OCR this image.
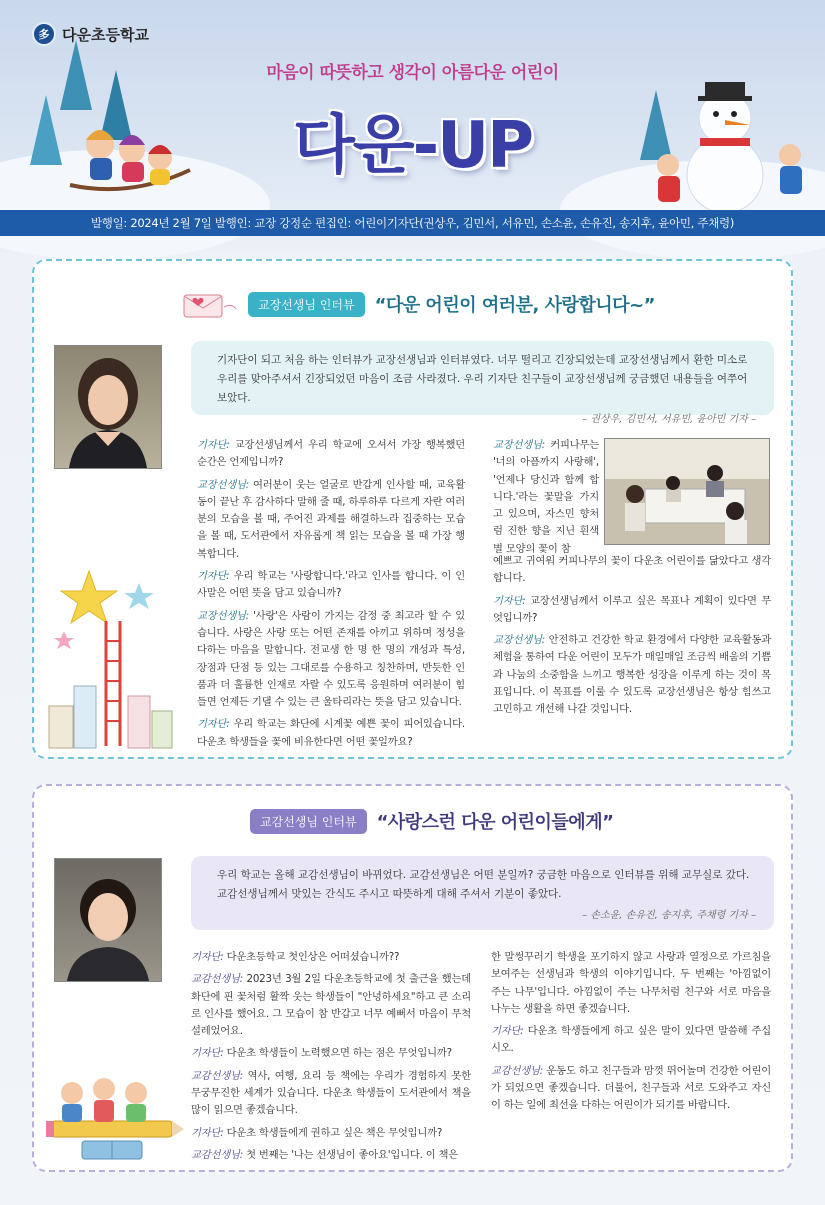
多 다운초등학교
마음이 따뜻하고 생각이 아름다운 어린이
다운-UP
발행일: 2024년 2월 7일 발행인: 교장 강정순 편집인: 어린이기자단(권상우, 김민서, 서유민, 손소윤, 손유진, 송지후, 윤아민, 주채령)
교장선생님 인터뷰	“다운 어린이 여러분, 사랑합니다~”
기자단이 되고 처음 하는 인터뷰가 교장선생님과 인터뷰였다. 너무 떨리고 긴장되었는데 교장선생님께서 환한 미소로 우리를 맞아주셔서 긴장되었던 마음이 조금 사라졌다. 우리 기자단 친구들이 교장선생님께 궁금했던 내용들을 여쭈어보았다.
– 권상우, 김민서, 서유민, 윤아민 기자 –

기자단: 교장선생님께서 우리 학교에 오셔서 가장 행복했던 순간은 언제입니까?

교장선생님: 여러분이 웃는 얼굴로 반갑게 인사할 때, 교육활동이 끝난 후 감사하다 말해 줄 때, 하루하루 다르게 자란 여러분의 모습을 볼 때, 주어진 과제를 해결하느라 집중하는 모습을 볼 때, 도서관에서 자유롭게 책 읽는 모습을 볼 때 가장 행복합니다.

기자단: 우리 학교는 '사랑합니다.'라고 인사를 합니다. 이 인사말은 어떤 뜻을 담고 있습니까?

교장선생님: '사랑'은 사람이 가지는 감정 중 최고라 할 수 있습니다. 사랑은 사랑 또는 어떤 존재를 아끼고 위하며 정성을 다하는 마음을 말합니다. 전교생 한 명 한 명의 개성과 특성, 장점과 단점 등 있는 그대로를 수용하고 칭찬하며, 반듯한 인품과 더 훌륭한 인재로 자랄 수 있도록 응원하며 여러분이 힘들면 언제든 기댈 수 있는 큰 울타리라는 뜻을 담고 있습니다.

기자단: 우리 학교는 화단에 시계꽃 예쁜 꽃이 피어있습니다. 다운초 학생들을 꽃에 비유한다면 어떤 꽃일까요?

교장선생님: 커피나무는 '너의 아픔까지 사랑해', '언제나 당신과 함께 합니다.'라는 꽃말을 가지고 있으며, 자스민 향처럼 진한 향을 지닌 흰색 별 모양의 꽃이 참

예쁘고 귀여워 커피나무의 꽃이 다운초 어린이를 닮았다고 생각합니다.

기자단: 교장선생님께서 이루고 싶은 목표나 계획이 있다면 무엇입니까?

교장선생님: 안전하고 건강한 학교 환경에서 다양한 교육활동과 체험을 통하여 다운 어린이 모두가 매일매일 조금씩 배움의 기쁨과 나눔의 소중함을 느끼고 행복한 성장을 이루게 하는 것이 목표입니다. 이 목표를 이룰 수 있도록 교장선생님은 항상 힘쓰고 고민하고 개선해 나갈 것입니다.

교감선생님 인터뷰	“사랑스런 다운 어린이들에게”
우리 학교는 올해 교감선생님이 바뀌었다. 교감선생님은 어떤 분일까? 궁금한 마음으로 인터뷰를 위해 교무실로 갔다. 교감선생님께서 맛있는 간식도 주시고 따뜻하게 대해 주셔서 기분이 좋았다.
– 손소윤, 손유진, 송지후, 주채령 기자 –

기자단: 다운초등학교 첫인상은 어떠셨습니까??

교감선생님: 2023년 3월 2일 다운초등학교에 첫 출근을 했는데 화단에 핀 꽃처럼 활짝 웃는 학생들이 "안녕하세요"하고 큰 소리로 인사를 했어요. 그 모습이 참 반갑고 너무 예뻐서 마음이 무척 설레었어요.

기자단: 다운초 학생들이 노력했으면 하는 점은 무엇입니까?

교감선생님: 역사, 여행, 요리 등 책에는 우리가 경험하지 못한 무궁무진한 세계가 있습니다. 다운초 학생들이 도서관에서 책을 많이 읽으면 좋겠습니다.

기자단: 다운초 학생들에게 권하고 싶은 책은 무엇입니까?

교감선생님: 첫 번째는 '나는 선생님이 좋아요'입니다. 이 책은

한 말썽꾸러기 학생을 포기하지 않고 사랑과 열정으로 가르침을 보여주는 선생님과 학생의 이야기입니다. 두 번째는 '아낌없이 주는 나무'입니다. 아낌없이 주는 나무처럼 친구와 서로 마음을 나누는 생활을 하면 좋겠습니다.

기자단: 다운초 학생들에게 하고 싶은 말이 있다면 말씀해 주십시오.

교감선생님: 운동도 하고 친구들과 맘껏 뛰어놀며 건강한 어린이가 되었으면 좋겠습니다. 더불어, 친구들과 서로 도와주고 자신이 하는 일에 최선을 다하는 어린이가 되기를 바랍니다.
